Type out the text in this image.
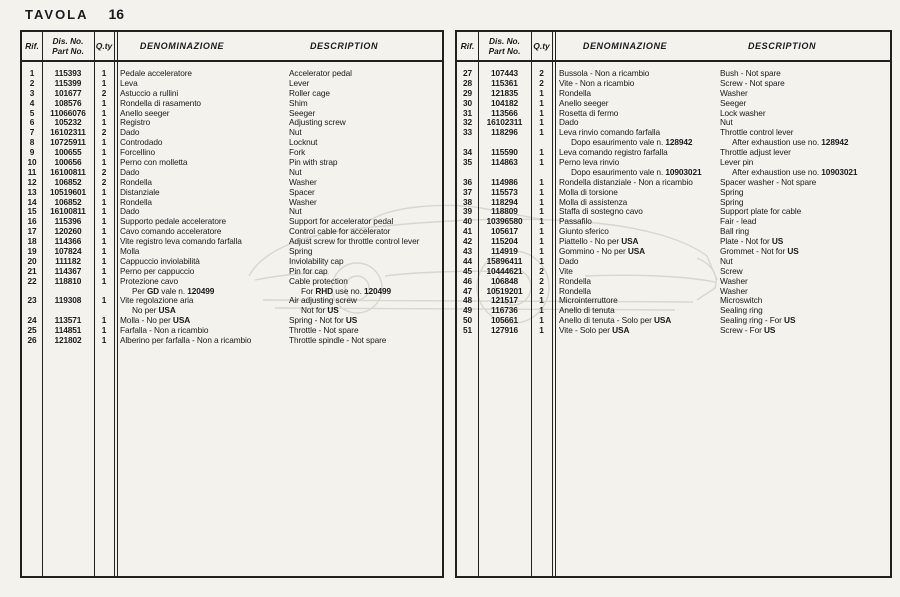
TAVOLA 16
Rif.	Dis. No.
Part No.	Q.ty	DENOMINAZIONE	DESCRIPTION
1	115393	1	Pedale acceleratore	Accelerator pedal
2	115399	1	Leva	Lever
3	101677	2	Astuccio a rullini	Roller cage
4	108576	1	Rondella di rasamento	Shim
5	11066076	1	Anello seeger	Seeger
6	105232	1	Registro	Adjusting screw
7	16102311	2	Dado	Nut
8	10725911	1	Controdado	Locknut
9	100655	1	Forcellino	Fork
10	100656	1	Perno con molletta	Pin with strap
11	16100811	2	Dado	Nut
12	106852	2	Rondella	Washer
13	10519601	1	Distanziale	Spacer
14	106852	1	Rondella	Washer
15	16100811	1	Dado	Nut
16	115396	1	Supporto pedale acceleratore	Support for accelerator pedal
17	120260	1	Cavo comando acceleratore	Control cable for accelerator
18	114366	1	Vite registro leva comando farfalla	Adjust screw for throttle control lever
19	107824	1	Molla	Spring
20	111182	1	Cappuccio inviolabilità	Inviolability cap
21	114367	1	Perno per cappuccio	Pin for cap
22	118810	1	Protezione cavo	Cable protection
Per GD vale n. 120499	For RHD use no. 120499
23	119308	1	Vite regolazione aria	Air adjusting screw
No per USA	Not for US
24	113571	1	Molla - No per USA	Spring - Not for US
25	114851	1	Farfalla - Non a ricambio	Throttle - Not spare
26	121802	1	Alberino per farfalla - Non a ricambio	Throttle spindle - Not spare
Rif.	Dis. No.
Part No.	Q.ty	DENOMINAZIONE	DESCRIPTION
27	107443	2	Bussola - Non a ricambio	Bush - Not spare
28	115361	2	Vite - Non a ricambio	Screw - Not spare
29	121835	1	Rondella	Washer
30	104182	1	Anello seeger	Seeger
31	113566	1	Rosetta di fermo	Lock washer
32	16102311	1	Dado	Nut
33	118296	1	Leva rinvio comando farfalla	Throttle control lever
Dopo esaurimento vale n. 128942	After exhaustion use no. 128942
34	115590	1	Leva comando registro farfalla	Throttle adjust lever
35	114863	1	Perno leva rinvio	Lever pin
Dopo esaurimento vale n. 10903021	After exhaustion use no. 10903021
36	114986	1	Rondella distanziale - Non a ricambio	Spacer washer - Not spare
37	115573	1	Molla di torsione	Spring
38	118294	1	Molla di assistenza	Spring
39	118809	1	Staffa di sostegno cavo	Support plate for cable
40	10396580	1	Passafilo	Fair - lead
41	105617	1	Giunto sferico	Ball ring
42	115204	1	Piattello - No per USA	Plate - Not for US
43	114919	1	Gommino - No per USA	Grommet - Not for US
44	15896411	1	Dado	Nut
45	10444621	2	Vite	Screw
46	106848	2	Rondella	Washer
47	10519201	2	Rondella	Washer
48	121517	1	Microinterruttore	Microswitch
49	116736	1	Anello di tenuta	Sealing ring
50	105661	1	Anello di tenuta - Solo per USA	Sealing ring - For US
51	127916	1	Vite - Solo per USA	Screw - For US
